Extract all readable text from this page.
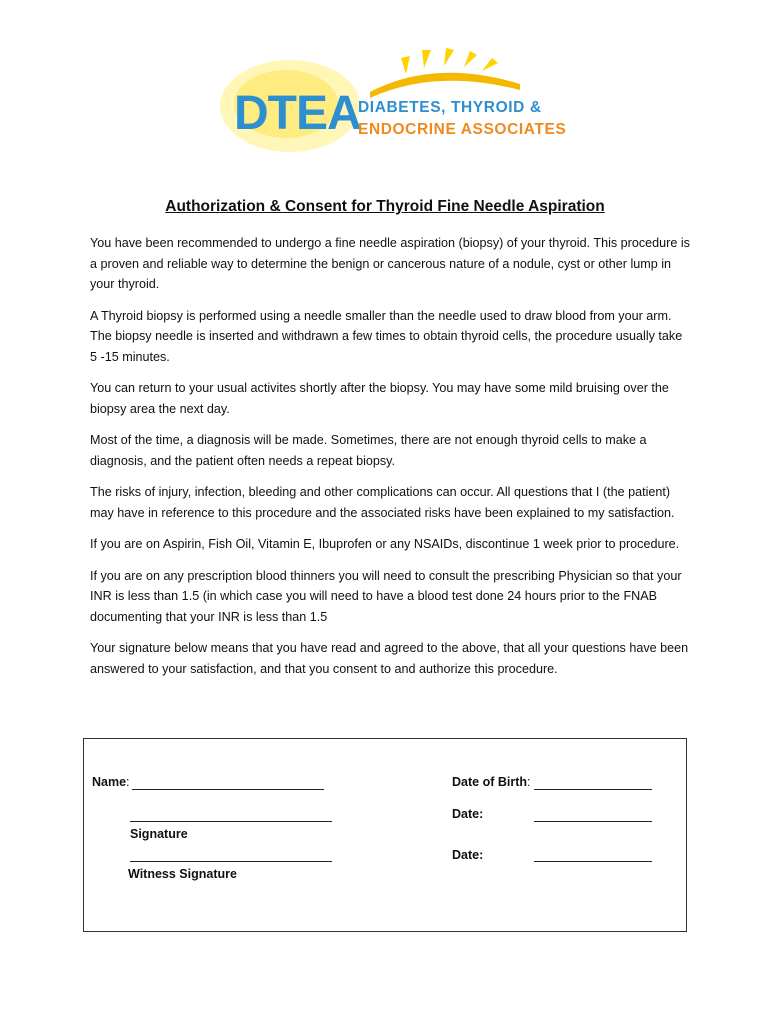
DTEA
DIABETES, THYROID &
ENDOCRINE ASSOCIATES
Authorization & Consent for Thyroid Fine Needle Aspiration

You have been recommended to undergo a fine needle aspiration (biopsy) of your thyroid. This procedure is a proven and reliable way to determine the benign or cancerous nature of a nodule, cyst or other lump in your thyroid.

A Thyroid biopsy is performed using a needle smaller than the needle used to draw blood from your arm. The biopsy needle is inserted and withdrawn a few times to obtain thyroid cells, the procedure usually take 5 -15 minutes.

You can return to your usual activites shortly after the biopsy. You may have some mild bruising over the biopsy area the next day.

Most of the time, a diagnosis will be made. Sometimes, there are not enough thyroid cells to make a diagnosis, and the patient often needs a repeat biopsy.

The risks of injury, infection, bleeding and other complications can occur. All questions that I (the patient) may have in reference to this procedure and the associated risks have been explained to my satisfaction.

If you are on Aspirin, Fish Oil, Vitamin E, Ibuprofen or any NSAIDs, discontinue 1 week prior to procedure.

If you are on any prescription blood thinners you will need to consult the prescribing Physician so that your INR is less than 1.5 (in which case you will need to have a blood test done 24 hours prior to the FNAB documenting that your INR is less than 1.5

Your signature below means that you have read and agreed to the above, that all your questions have been answered to your satisfaction, and that you consent to and authorize this procedure.

Name:	Date of Birth:
Signature
Date:
Witness Signature
Date:
